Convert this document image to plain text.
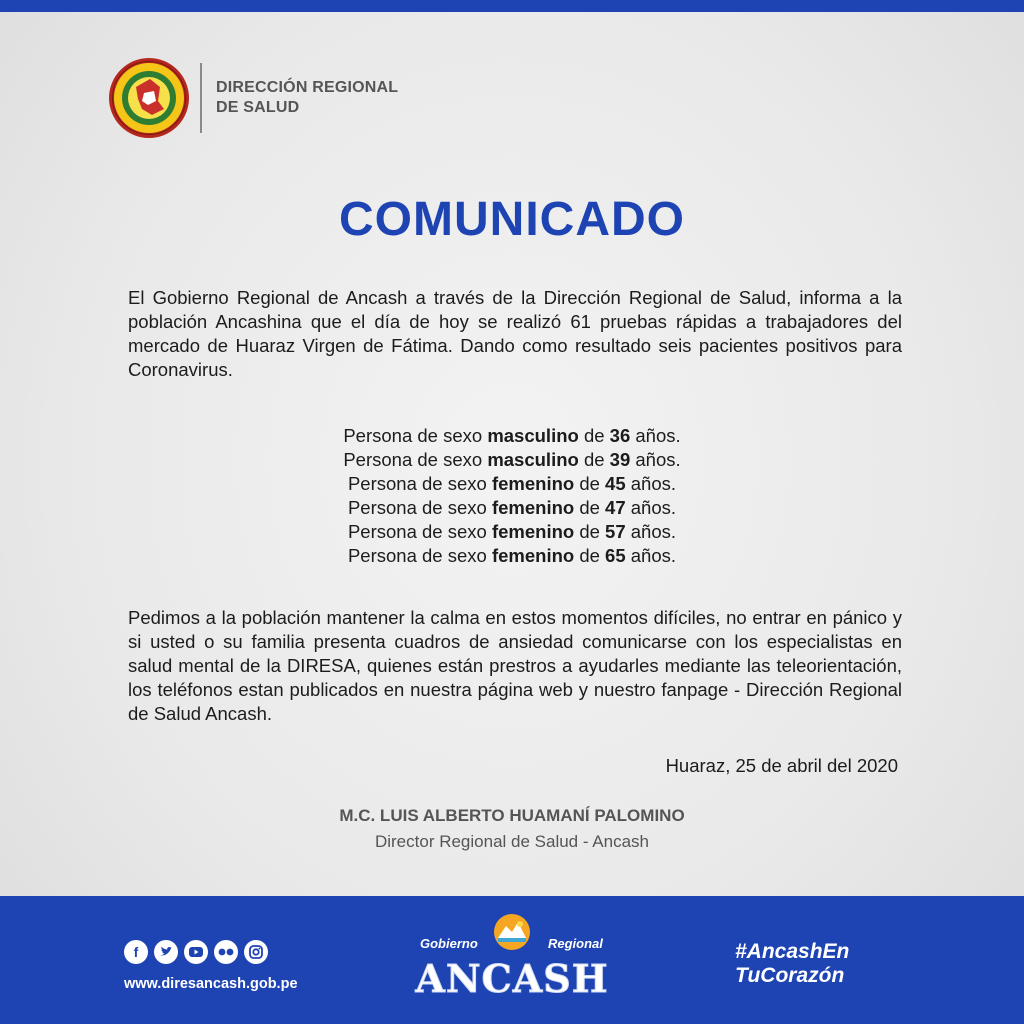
DIRECCIÓN REGIONAL
DE SALUD
COMUNICADO
El Gobierno Regional de Ancash a través de la Dirección Regional de Salud, informa a la población Ancashina que el día de hoy se realizó 61 pruebas rápidas a trabajadores del mercado de Huaraz Virgen de Fátima. Dando como resultado seis pacientes positivos para Coronavirus.
Persona de sexo masculino de 36 años.
Persona de sexo masculino de 39 años.
Persona de sexo femenino de 45 años.
Persona de sexo femenino de 47 años.
Persona de sexo femenino de 57 años.
Persona de sexo femenino de 65 años.
Pedimos a la población mantener la calma en estos momentos difíciles, no entrar en pánico y si usted o su familia presenta cuadros de ansiedad comunicarse con los especialistas en salud mental de la DIRESA, quienes están prestros a ayudarles mediante las teleorientación, los teléfonos estan publicados en nuestra página web y nuestro fanpage - Dirección Regional de Salud Ancash.
Huaraz, 25 de abril del 2020
M.C. LUIS ALBERTO HUAMANÍ PALOMINO
Director Regional de Salud - Ancash
f
www.diresancash.gob.pe
Gobierno	Regional
ANCASH
#AncashEn
TuCorazón
